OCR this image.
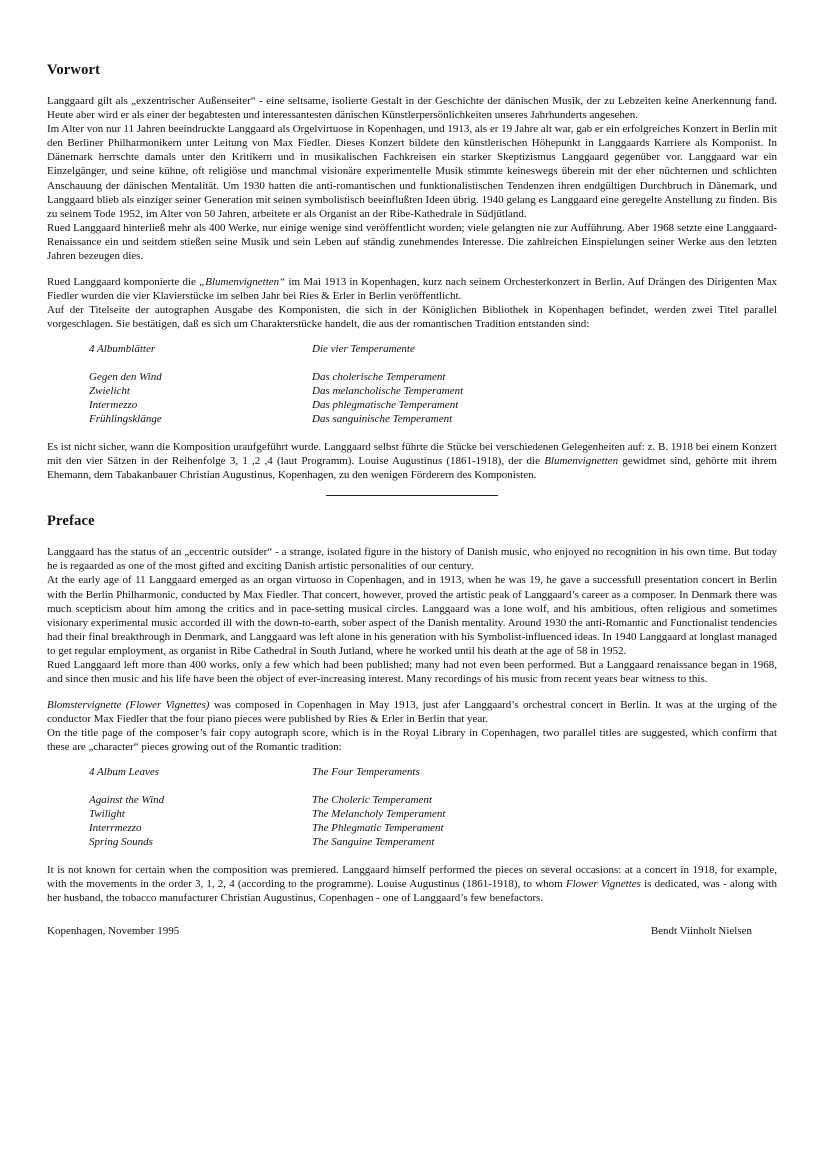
Vorwort

Langgaard gilt als „exzentrischer Außenseiter“ - eine seltsame, isolierte Gestalt in der Geschichte der dänischen Musik, der zu Lebzeiten keine Anerkennung fand. Heute aber wird er als einer der begabtesten und interessantesten dänischen Künstlerpersönlichkeiten unseres Jahrhunderts angesehen.

Im Alter von nur 11 Jahren beeindruckte Langgaard als Orgelvirtuose in Kopenhagen, und 1913, als er 19 Jahre alt war, gab er ein erfolgreiches Konzert in Berlin mit den Berliner Philharmonikern unter Leitung von Max Fiedler. Dieses Konzert bildete den künstlerischen Höhepunkt in Langgaards Karriere als Komponist. In Dänemark herrschte damals unter den Kritikern und in musikalischen Fachkreisen ein starker Skeptizismus Langgaard gegenüber vor. Langgaard war ein Einzelgänger, und seine kühne, oft religiöse und manchmal visionäre experimentelle Musik stimmte keineswegs überein mit der eher nüchternen und schlichten Anschauung der dänischen Mentalität. Um 1930 hatten die anti-romantischen und funktionalistischen Tendenzen ihren endgültigen Durchbruch in Dänemark, und Langgaard blieb als einziger seiner Generation mit seinen symbolistisch beeinflußten Ideen übrig. 1940 gelang es Langgaard eine geregelte Anstellung zu finden. Bis zu seinem Tode 1952, im Alter von 50 Jahren, arbeitete er als Organist an der Ribe-Kathedrale in Südjütland.

Rued Langgaard hinterließ mehr als 400 Werke, nur einige wenige sind veröffentlicht worden; viele gelangten nie zur Aufführung. Aber 1968 setzte eine Langgaard-Renaissance ein und seitdem stießen seine Musik und sein Leben auf ständig zunehmendes Interesse. Die zahlreichen Einspielungen seiner Werke aus den letzten Jahren bezeugen dies.

Rued Langgaard komponierte die „Blumenvignetten“ im Mai 1913 in Kopenhagen, kurz nach seinem Orchesterkonzert in Berlin. Auf Drängen des Dirigenten Max Fiedler wurden die vier Klavierstücke im selben Jahr bei Ries & Erler in Berlin veröffentlicht.

Auf der Titelseite der autographen Ausgabe des Komponisten, die sich in der Königlichen Bibliothek in Kopenhagen befindet, werden zwei Titel parallel vorgeschlagen. Sie bestätigen, daß es sich um Charakterstücke handelt, die aus der romantischen Tradition entstanden sind:

4 Albumblätter	Die vier Temperamente
Gegen den Wind	Das cholerische Temperament
Zwielicht	Das melancholische Temperament
Intermezzo	Das phlegmatische Temperament
Frühlingsklänge	Das sanguinische Temperament

Es ist nicht sicher, wann die Komposition uraufgeführt wurde. Langgaard selbst führte die Stücke bei verschiedenen Gelegenheiten auf: z. B. 1918 bei einem Konzert mit den vier Sätzen in der Reihenfolge 3, 1 ,2 ,4 (laut Programm). Louise Augustinus (1861-1918), der die Blumenvignetten gewidmet sind, gehörte mit ihrem Ehemann, dem Tabakanbauer Christian Augustinus, Kopenhagen, zu den wenigen Förderern des Komponisten.

Preface

Langgaard has the status of an „eccentric outsider“ - a strange, isolated figure in the history of Danish music, who enjoyed no recognition in his own time. But today he is regaarded as one of the most gifted and exciting Danish artistic personalities of our century.

At the early age of 11 Langgaard emerged as an organ virtuoso in Copenhagen, and in 1913, when he was 19, he gave a successfull presentation concert in Berlin with the Berlin Philharmonic, conducted by Max Fiedler. That concert, however, proved the artistic peak of Langgaard’s career as a composer. In Denmark there was much scepticism about him among the critics and in pace-setting musical circles. Langgaard was a lone wolf, and his ambitious, often religious and sometimes visionary experimental music accorded ill with the down-to-earth, sober aspect of the Danish mentality. Around 1930 the anti-Romantic and Functionalist tendencies had their final breakthrough in Denmark, and Langgaard was left alone in his generation with his Symbolist-influenced ideas. In 1940 Langgaard at longlast managed to get regular employment, as organist in Ribe Cathedral in South Jutland, where he worked until his death at the age of 58 in 1952.

Rued Langgaard left more than 400 works, only a few which had been published; many had not even been performed. But a Langgaard renaissance began in 1968, and since then music and his life have been the object of ever-increasing interest. Many recordings of his music from recent years bear witness to this.

Blomstervignette (Flower Vignettes) was composed in Copenhagen in May 1913, just afer Langgaard’s orchestral concert in Berlin. It was at the urging of the conductor Max Fiedler that the four piano pieces were published by Ries & Erler in Berlin that year.

On the title page of the composer’s fair copy autograph score, which is in the Royal Library in Copenhagen, two parallel titles are suggested, which confirm that these are „character“ pieces growing out of the Romantic tradition:

4 Album Leaves	The Four Temperaments
Against the Wind	The Choleric Temperament
Twilight	The Melancholy Temperament
Interrmezzo	The Phlegmatic Temperament
Spring Sounds	The Sanguine Temperament

It is not known for certain when the composition was premiered. Langgaard himself performed the pieces on several occasions: at a concert in 1918, for example, with the movements in the order 3, 1, 2, 4 (according to the programme). Louise Augustinus (1861-1918), to whom Flower Vignettes is dedicated, was - along with her husband, the tobacco manufacturer Christian Augustinus, Copenhagen - one of Langgaard’s few benefactors.

Kopenhagen, November 1995	Bendt Viinholt Nielsen
